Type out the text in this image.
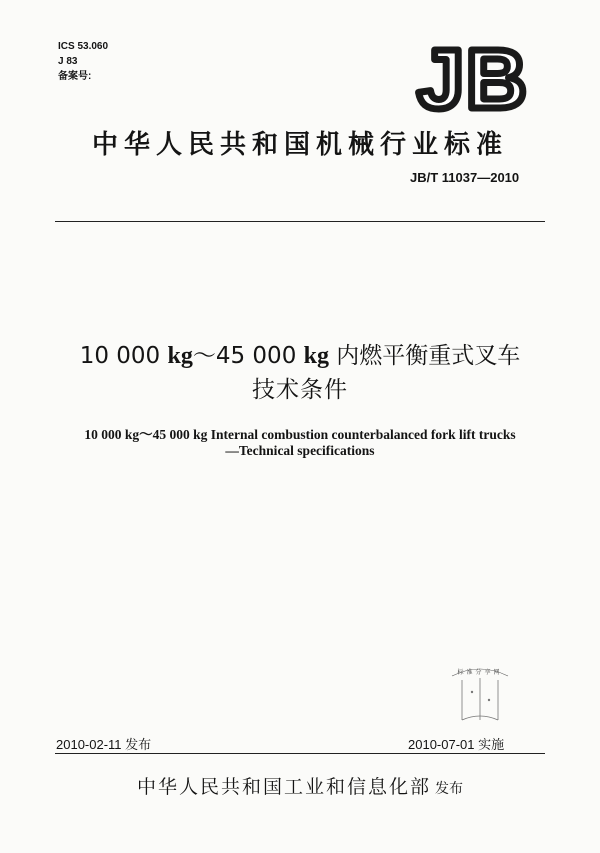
ICS 53.060
J 83
备案号:	JB
中华人民共和国机械行业标准
JB/T 11037—2010
10 000 kg～45 000 kg 内燃平衡重式叉车
技术条件
10 000 kg～45 000 kg Internal combustion counterbalanced fork lift trucks
—Technical specifications
标准分享网
2010-02-11 发布	2010-07-01 实施
中华人民共和国工业和信息化部 发布
